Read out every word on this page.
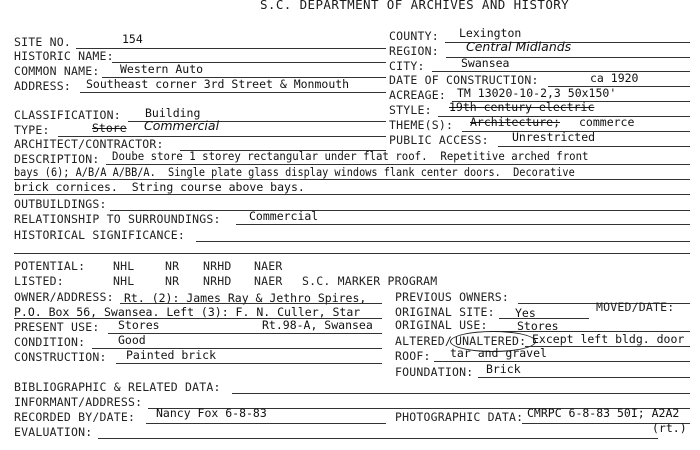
S.C. DEPARTMENT OF ARCHIVES AND HISTORY
SITE NO.	154
HISTORIC NAME:
COMMON NAME: Western Auto
ADDRESS: Southeast corner 3rd Street & Monmouth
CLASSIFICATION: Building
TYPE:	Store Commercial
ARCHITECT/CONTRACTOR:
COUNTY: Lexington
REGION: Central Midlands
CITY:	Swansea
DATE OF CONSTRUCTION:	ca 1920
ACREAGE: TM 13020-10-2,3 50x150'
STYLE: 19th century electric
THEME(S): Architecture; commerce
PUBLIC ACCESS: Unrestricted
DESCRIPTION: Doube store 1 storey rectangular under flat roof.  Repetitive arched front
bays (6); A/B/A A/BB/A.  Single plate glass display windows flank center doors.  Decorative
brick cornices.  String course above bays.
OUTBUILDINGS:
RELATIONSHIP TO SURROUNDINGS: Commercial
HISTORICAL SIGNIFICANCE:
POTENTIAL: NHL	NR NRHD NAER
LISTED:	NHL	NR NRHD NAER S.C. MARKER PROGRAM
OWNER/ADDRESS: Rt. (2): James Ray & Jethro Spires,
P.O. Box 56, Swansea. Left (3): F. N. Culler, Star
Rt.98-A, Swansea
PRESENT USE: Stores
CONDITION:	Good
CONSTRUCTION: Painted brick
PREVIOUS OWNERS:
ORIGINAL SITE: Yes	MOVED/DATE:
ORIGINAL USE:	Stores
ALTERED/ UNALTERED: Except left bldg. door
ROOF: tar and gravel
FOUNDATION: Brick
BIBLIOGRAPHIC & RELATED DATA:
INFORMANT/ADDRESS:
RECORDED BY/DATE: Nancy Fox 6-8-83	PHOTOGRAPHIC DATA: CMRPC 6-8-83 50I; A2A2
EVALUATION:	(rt.)
